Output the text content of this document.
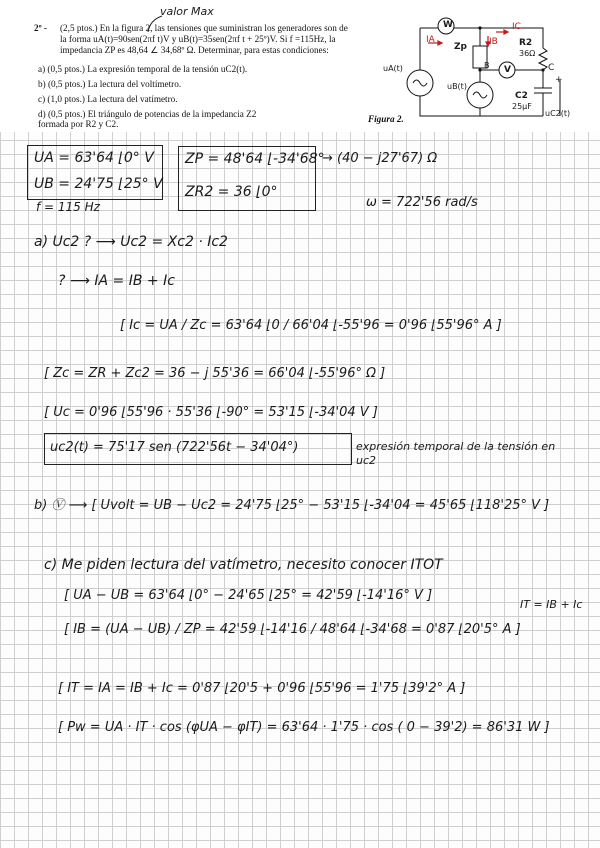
2º - (2,5 ptos.) En la figura 2, las tensiones que suministran los generadores son de
la forma uA(t)=90sen(2πf t)V y uB(t)=35sen(2πf t + 25º)V. Si f =115Hz, la
impedancia ZP es 48,64 ∠ 34,68º Ω. Determinar, para estas condiciones:
a) (0,5 ptos.) La expresión temporal de la tensión uC2(t).
b) (0,5 ptos.) La lectura del voltímetro.
c) (1,0 ptos.) La lectura del vatímetro.
d) (0,5 ptos.) El triángulo de potencias de la impedancia Z2
formada por R2 y C2.
valor Max
Figura 2.
W
V
IA	IB
IC
Zp	R2
36Ω
C2
25μF
uA(t)
uB(t)
uC2(t)
B	C
+
UA = 63'64 ⌊0° V
UB = 24'75 ⌊25° V
f = 115 Hz
ZP = 48'64 ⌊-34'68°
ZR2 = 36 ⌊0°
→ (40 − j27'67) Ω
ω = 722'56 rad/s
a) Uc2 ? ⟶ Uc2 = Xc2 · Ic2
? ⟶ IA = IB + Ic
[ Ic = UA / Zc = 63'64 ⌊0 / 66'04 ⌊-55'96 = 0'96 ⌊55'96° A ]
[ Zc = ZR + Zc2 = 36 − j 55'36 = 66'04 ⌊-55'96° Ω ]
[ Uc = 0'96 ⌊55'96 · 55'36 ⌊-90° = 53'15 ⌊-34'04 V ]
uc2(t) = 75'17 sen (722'56t − 34'04°)	expresión temporal de la tensión en uc2
b) Ⓥ ⟶ [ Uvolt = UB − Uc2 = 24'75 ⌊25° − 53'15 ⌊-34'04 = 45'65 ⌊118'25° V ]
c) Me piden lectura del vatímetro, necesito conocer ITOT
[ UA − UB = 63'64 ⌊0° − 24'65 ⌊25° = 42'59 ⌊-14'16° V ]
IT = IB + Ic
[ IB = (UA − UB) / ZP = 42'59 ⌊-14'16 / 48'64 ⌊-34'68 = 0'87 ⌊20'5° A ]
[ IT = IA = IB + Ic = 0'87 ⌊20'5 + 0'96 ⌊55'96 = 1'75 ⌊39'2° A ]
[ Pw = UA · IT · cos (φUA − φIT) = 63'64 · 1'75 · cos ( 0 − 39'2) = 86'31 W ]
